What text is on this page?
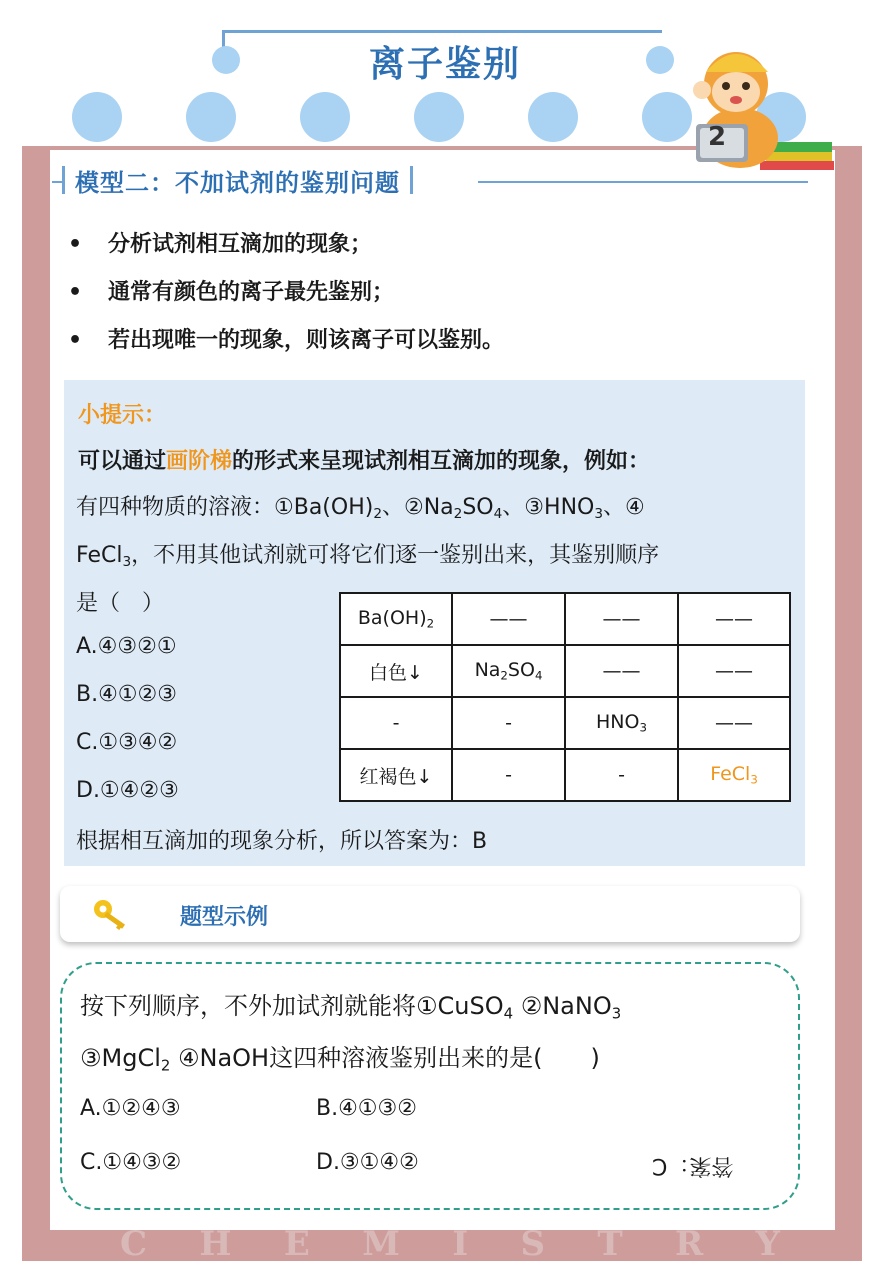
离子鉴别
2
模型二：不加试剂的鉴别问题
• 分析试剂相互滴加的现象；
• 通常有颜色的离子最先鉴别；
• 若出现唯一的现象，则该离子可以鉴别。
小提示：
可以通过画阶梯的形式来呈现试剂相互滴加的现象，例如：
有四种物质的溶液：$①Ba(OH)_2$、$②Na_2SO_4$、$③HNO_3$、④
FeCl$_3$，不用其他试剂就可将它们逐一鉴别出来，其鉴别顺序
是（　）
A.④③②①
B.④①②③
C.①③④②
D.①④②③
根据相互滴加的现象分析，所以答案为：B
$Ba(OH)_2$	——	——	——
白色↓	$Na_2SO_4$	——	——
-	-	$HNO_3$	——
红褐色↓	-	-	FeCl$_3$
题型示例
按下列顺序，不外加试剂就能将①CuSO$_4$ ②NaNO$_3$
③MgCl$_2$ ④NaOH这四种溶液鉴别出来的是(　　)
A.①②④③	B.④①③②
C.①④③②	D.③①④②	答案：C
C H E M I S T R Y
